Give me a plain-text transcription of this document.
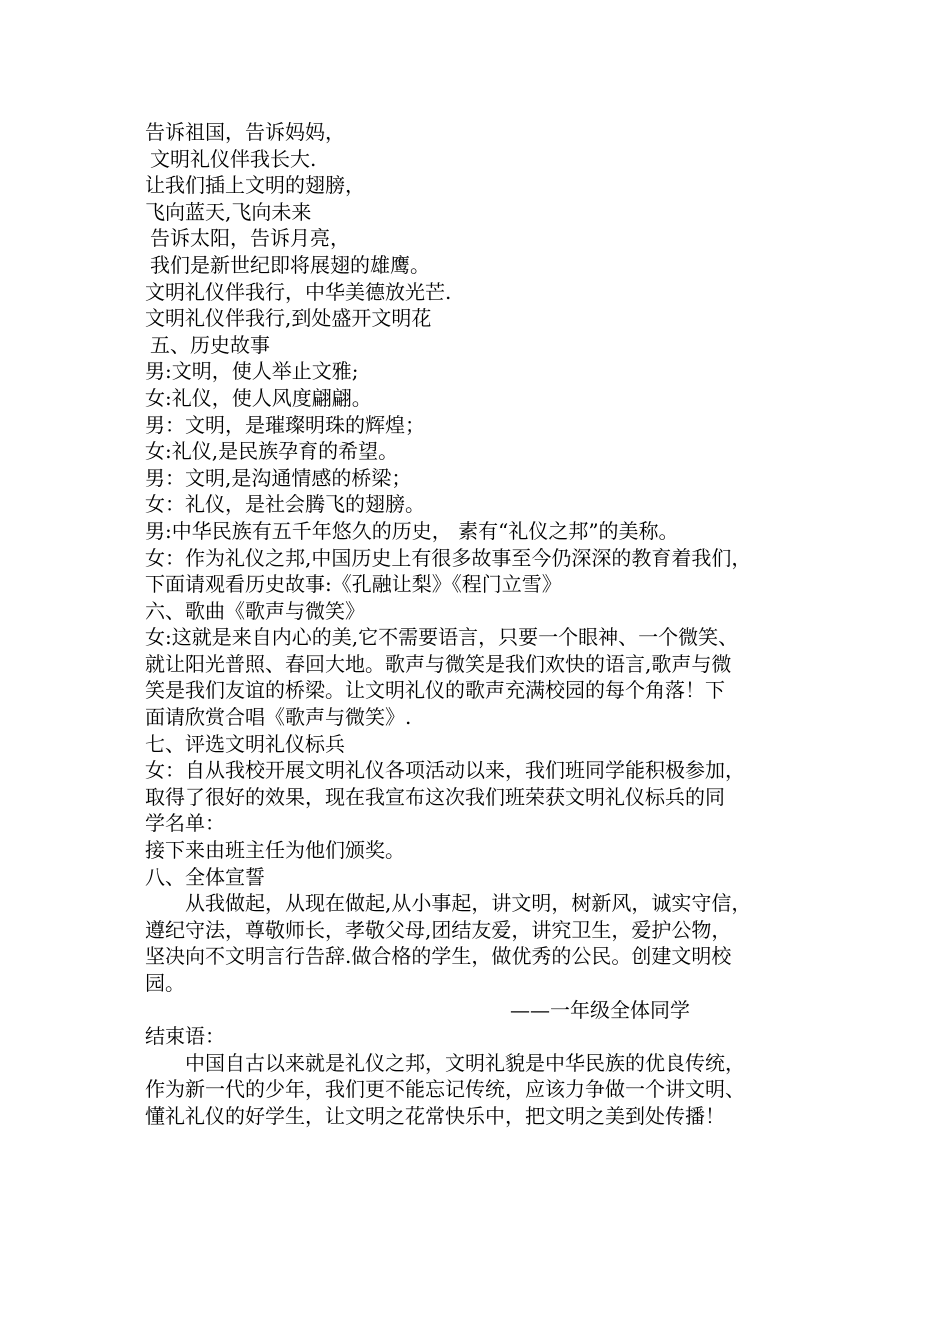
告诉祖国，告诉妈妈，
文明礼仪伴我长大.
让我们插上文明的翅膀，
飞向蓝天,飞向未来
告诉太阳，告诉月亮，
我们是新世纪即将展翅的雄鹰。
文明礼仪伴我行，中华美德放光芒.
文明礼仪伴我行,到处盛开文明花
五、历史故事
男:文明，使人举止文雅;
女:礼仪，使人风度翩翩。
男：文明，是璀璨明珠的辉煌；
女:礼仪,是民族孕育的希望。
男：文明,是沟通情感的桥梁；
女：礼仪，是社会腾飞的翅膀。
男:中华民族有五千年悠久的历史， 素有“礼仪之邦”的美称。
女：作为礼仪之邦,中国历史上有很多故事至今仍深深的教育着我们，
下面请观看历史故事:《孔融让梨》《程门立雪》
六、歌曲《歌声与微笑》
女:这就是来自内心的美,它不需要语言，只要一个眼神、一个微笑、
就让阳光普照、春回大地。歌声与微笑是我们欢快的语言,歌声与微
笑是我们友谊的桥梁。让文明礼仪的歌声充满校园的每个角落！下
面请欣赏合唱《歌声与微笑》.
七、评选文明礼仪标兵
女：自从我校开展文明礼仪各项活动以来，我们班同学能积极参加，
取得了很好的效果，现在我宣布这次我们班荣获文明礼仪标兵的同
学名单：
接下来由班主任为他们颁奖。
八、全体宣誓
从我做起，从现在做起,从小事起，讲文明，树新风，诚实守信，
遵纪守法，尊敬师长，孝敬父母,团结友爱，讲究卫生，爱护公物，
坚决向不文明言行告辞.做合格的学生，做优秀的公民。创建文明校
园。
——一年级全体同学
结束语：
中国自古以来就是礼仪之邦，文明礼貌是中华民族的优良传统，
作为新一代的少年，我们更不能忘记传统，应该力争做一个讲文明、
懂礼礼仪的好学生，让文明之花常快乐中，把文明之美到处传播！
